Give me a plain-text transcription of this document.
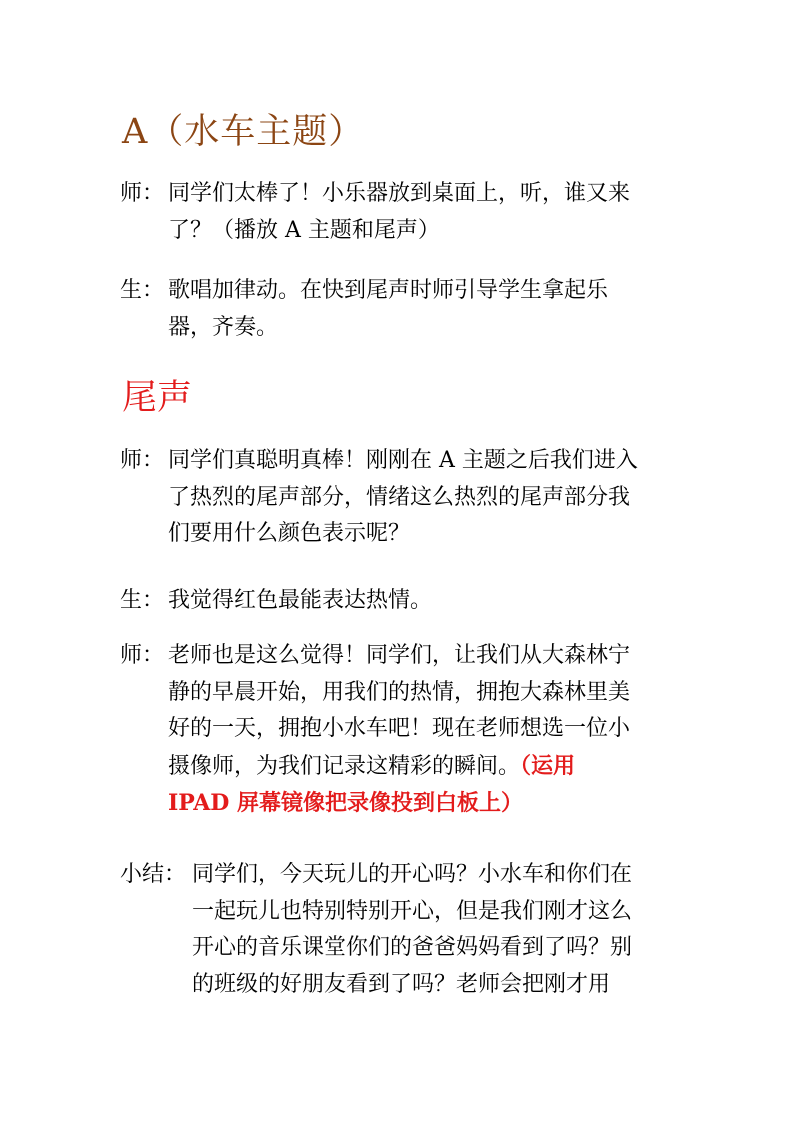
A（水车主题）

师： 同学们太棒了！小乐器放到桌面上，听，谁又来
了？（播放 A 主题和尾声）

生： 歌唱加律动。在快到尾声时师引导学生拿起乐
器，齐奏。

尾声

师： 同学们真聪明真棒！刚刚在 A 主题之后我们进入
了热烈的尾声部分，情绪这么热烈的尾声部分我
们要用什么颜色表示呢？

生： 我觉得红色最能表达热情。

师： 老师也是这么觉得！同学们，让我们从大森林宁
静的早晨开始，用我们的热情，拥抱大森林里美
好的一天，拥抱小水车吧！现在老师想选一位小
摄像师，为我们记录这精彩的瞬间。（运用
IPAD 屏幕镜像把录像投到白板上）

小结： 同学们，今天玩儿的开心吗？小水车和你们在
一起玩儿也特别特别开心，但是我们刚才这么
开心的音乐课堂你们的爸爸妈妈看到了吗？别
的班级的好朋友看到了吗？老师会把刚才用
